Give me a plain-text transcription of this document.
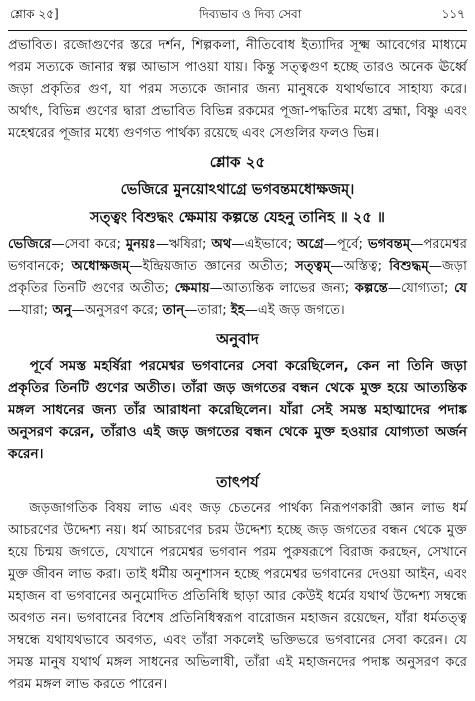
শ্লোক ২৫]	দিব্যভাব ও দিব্য সেবা	১১৭

প্রভাবিত। রজোগুণের স্তরে দর্শন, শিল্পকলা, নীতিবোধ ইত্যাদির সূক্ষ্ম আবেগের মাধ্যমে পরম সত্যকে জানার স্বল্প আভাস পাওয়া যায়। কিন্তু সত্ত্বগুণ হচ্ছে তারও অনেক ঊর্ধ্বে জড়া প্রকৃতির গুণ, যা পরম সত্যকে জানার জন্য মানুষকে যথার্থভাবে সাহায্য করে। অর্থাৎ, বিভিন্ন গুণের দ্বারা প্রভাবিত বিভিন্ন রকমের পূজা-পদ্ধতির মধ্যে ব্রহ্মা, বিষ্ণু এবং মহেশ্বরের পূজার মধ্যে গুণগত পার্থক্য রয়েছে এবং সেগুলির ফলও ভিন্ন।

শ্লোক ২৫
ভেজিরে মুনয়োঽথাগ্রে ভগবন্তমধোক্ষজম্।
সত্ত্বং বিশুদ্ধং ক্ষেমায় কল্পন্তে যেহনু তানিহ ॥ ২৫ ॥

ভেজিরে—সেবা করে; মুনয়ঃ—ঋষিরা; অথ—এইভাবে; অগ্রে—পূর্বে; ভগবন্তম্—পরমেশ্বর ভগবানকে; অধোক্ষজম্—ইন্দ্রিয়জাত জ্ঞানের অতীত; সত্ত্বম্—অস্তিত্ব; বিশুদ্ধম্—জড়া প্রকৃতির তিনটি গুণের অতীত; ক্ষেমায়—আত্যন্তিক লাভের জন্য; কল্পন্তে—যোগ্যতা; যে—যারা; অনু—অনুসরণ করে; তান্—তারা; ইহ—এই জড় জগতে।

অনুবাদ

পূর্বে সমস্ত মহর্ষিরা পরমেশ্বর ভগবানের সেবা করেছিলেন, কেন না তিনি জড়া প্রকৃতির তিনটি গুণের অতীত। তাঁরা জড় জগতের বন্ধন থেকে মুক্ত হয়ে আত্যন্তিক মঙ্গল সাধনের জন্য তাঁর আরাধনা করেছিলেন। যাঁরা সেই সমস্ত মহাত্মাদের পদাঙ্ক অনুসরণ করেন, তাঁরাও এই জড় জগতের বন্ধন থেকে মুক্ত হওয়ার যোগ্যতা অর্জন করেন।

তাৎপর্য

জড়জাগতিক বিষয় লাভ এবং জড় চেতনের পার্থক্য নিরূপণকারী জ্ঞান লাভ ধর্ম আচরণের উদ্দেশ্য নয়। ধর্ম আচরণের চরম উদ্দেশ্য হচ্ছে জড় জগতের বন্ধন থেকে মুক্ত হয়ে চিন্ময় জগতে, যেখানে পরমেশ্বর ভগবান পরম পুরুষরূপে বিরাজ করছেন, সেখানে মুক্ত জীবন লাভ করা। তাই ধর্মীয় অনুশাসন হচ্ছে পরমেশ্বর ভগবানের দেওয়া আইন, এবং মহাজন বা ভগবানের অনুমোদিত প্রতিনিধি ছাড়া আর কেউই ধর্মের যথার্থ উদ্দেশ্য সম্বন্ধে অবগত নন। ভগবানের বিশেষ প্রতিনিধিস্বরূপ বারোজন মহাজন রয়েছেন, যাঁরা ধর্মতত্ত্ব সম্বন্ধে যথাযথভাবে অবগত, এবং তাঁরা সকলেই ভক্তিভরে ভগবানের সেবা করেন। যে সমস্ত মানুষ যথার্থ মঙ্গল সাধনের অভিলাষী, তাঁরা এই মহাজনদের পদাঙ্ক অনুসরণ করে পরম মঙ্গল লাভ করতে পারেন।
